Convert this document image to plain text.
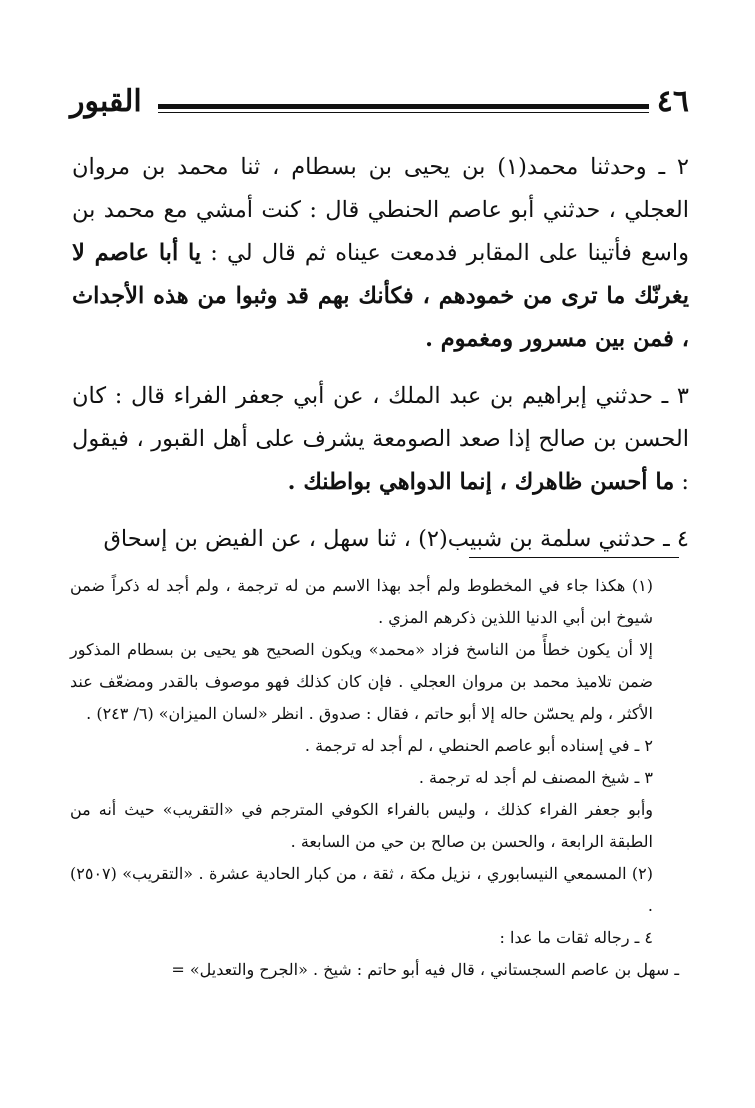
٤٦
القبور

٢ ـ وحدثنا محمد(١) بن يحيى بن بسطام ، ثنا محمد بن مروان العجلي ، حدثني أبو عاصم الحنطي قال : كنت أمشي مع محمد بن واسع فأتينا على المقابر فدمعت عيناه ثم قال لي : يا أبا عاصم لا يغرنّك ما ترى من خمودهم ، فكأنك بهم قد وثبوا من هذه الأجداث ، فمن بين مسرور ومغموم .

٣ ـ حدثني إبراهيم بن عبد الملك ، عن أبي جعفر الفراء قال : كان الحسن بن صالح إذا صعد الصومعة يشرف على أهل القبور ، فيقول : ما أحسن ظاهرك ، إنما الدواهي بواطنك .

٤ ـ حدثني سلمة بن شبيب(٢) ، ثنا سهل ، عن الفيض بن إسحاق

(١) هكذا جاء في المخطوط ولم أجد بهذا الاسم من له ترجمة ، ولم أجد له ذكراً ضمن شيوخ ابن أبي الدنيا اللذين ذكرهم المزي .

إلا أن يكون خطأً من الناسخ فزاد «محمد» ويكون الصحيح هو يحيى بن بسطام المذكور ضمن تلاميذ محمد بن مروان العجلي . فإن كان كذلك فهو موصوف بالقدر ومضعّف عند الأكثر ، ولم يحسّن حاله إلا أبو حاتم ، فقال : صدوق . انظر «لسان الميزان» (٦/ ٢٤٣) .

٢ ـ في إسناده أبو عاصم الحنطي ، لم أجد له ترجمة .

٣ ـ شيخ المصنف لم أجد له ترجمة .

وأبو جعفر الفراء كذلك ، وليس بالفراء الكوفي المترجم في «التقريب» حيث أنه من الطبقة الرابعة ، والحسن بن صالح بن حي من السابعة .

(٢) المسمعي النيسابوري ، نزيل مكة ، ثقة ، من كبار الحادية عشرة . «التقريب» (٢٥٠٧) .

٤ ـ رجاله ثقات ما عدا :

ـ سهل بن عاصم السجستاني ، قال فيه أبو حاتم : شيخ . «الجرح والتعديل» =
